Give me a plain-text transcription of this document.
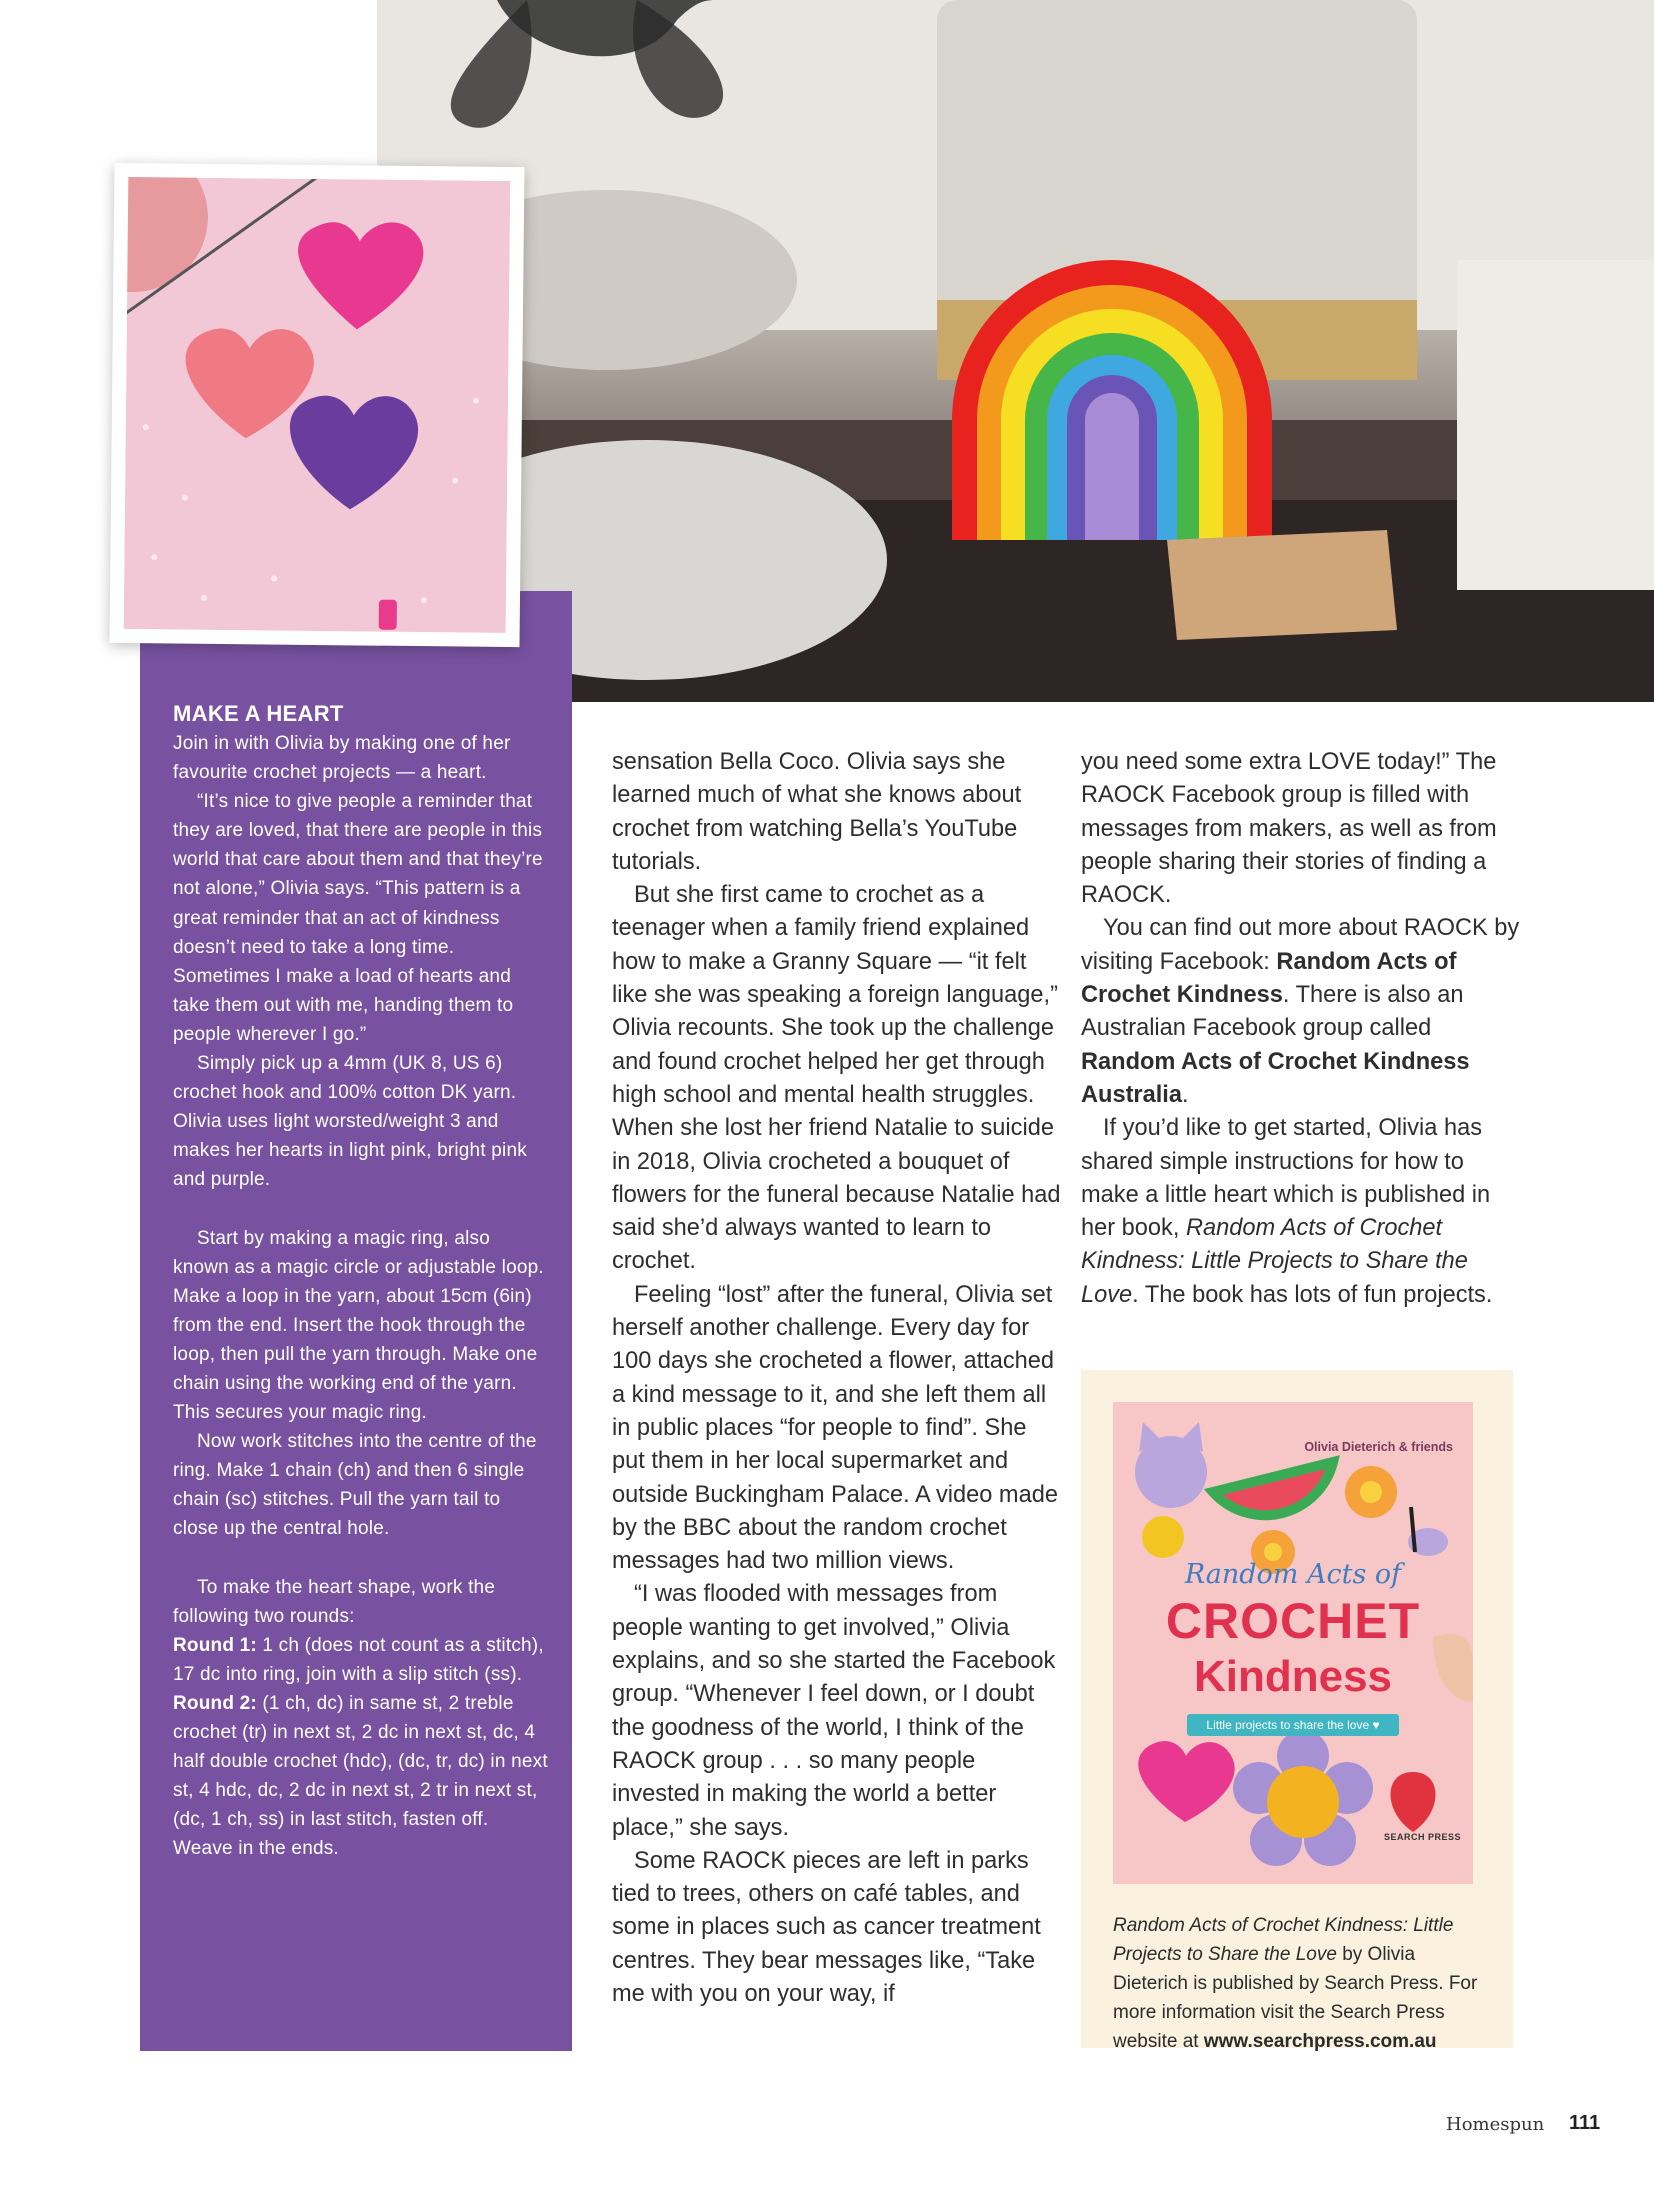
MAKE A HEART

Join in with Olivia by making one of her favourite crochet projects — a heart.

“It’s nice to give people a reminder that they are loved, that there are people in this world that care about them and that they’re not alone,” Olivia says. “This pattern is a great reminder that an act of kindness doesn’t need to take a long time. Sometimes I make a load of hearts and take them out with me, handing them to people wherever I go.”

Simply pick up a 4mm (UK 8, US 6) crochet hook and 100% cotton DK yarn. Olivia uses light worsted/weight 3 and makes her hearts in light pink, bright pink and purple.

Start by making a magic ring, also known as a magic circle or adjustable loop. Make a loop in the yarn, about 15cm (6in) from the end. Insert the hook through the loop, then pull the yarn through. Make one chain using the working end of the yarn. This secures your magic ring.

Now work stitches into the centre of the ring. Make 1 chain (ch) and then 6 single chain (sc) stitches. Pull the yarn tail to close up the central hole.

To make the heart shape, work the following two rounds:

Round 1: 1 ch (does not count as a stitch), 17 dc into ring, join with a slip stitch (ss).

Round 2: (1 ch, dc) in same st, 2 treble crochet (tr) in next st, 2 dc in next st, dc, 4 half double crochet (hdc), (dc, tr, dc) in next st, 4 hdc, dc, 2 dc in next st, 2 tr in next st, (dc, 1 ch, ss) in last stitch, fasten off.

Weave in the ends.

sensation Bella Coco. Olivia says she learned much of what she knows about crochet from watching Bella’s YouTube tutorials.

But she first came to crochet as a teenager when a family friend explained how to make a Granny Square — “it felt like she was speaking a foreign language,” Olivia recounts. She took up the challenge and found crochet helped her get through high school and mental health struggles. When she lost her friend Natalie to suicide in 2018, Olivia crocheted a bouquet of flowers for the funeral because Natalie had said she’d always wanted to learn to crochet.

Feeling “lost” after the funeral, Olivia set herself another challenge. Every day for 100 days she crocheted a flower, attached a kind message to it, and she left them all in public places “for people to find”. She put them in her local supermarket and outside Buckingham Palace. A video made by the BBC about the random crochet messages had two million views.

“I was flooded with messages from people wanting to get involved,” Olivia explains, and so she started the Facebook group. “Whenever I feel down, or I doubt the goodness of the world, I think of the RAOCK group . . . so many people invested in making the world a better place,” she says.

Some RAOCK pieces are left in parks tied to trees, others on café tables, and some in places such as cancer treatment centres. They bear messages like, “Take me with you on your way, if

you need some extra LOVE today!” The RAOCK Facebook group is filled with messages from makers, as well as from people sharing their stories of finding a RAOCK.

You can find out more about RAOCK by visiting Facebook: Random Acts of Crochet Kindness. There is also an Australian Facebook group called Random Acts of Crochet Kindness Australia.

If you’d like to get started, Olivia has shared simple instructions for how to make a little heart which is published in her book, Random Acts of Crochet Kindness: Little Projects to Share the Love. The book has lots of fun projects.

Olivia Dieterich & friends
Random Acts of
CROCHET
Kindness
Little projects to share the love ♥
SEARCH PRESS

Random Acts of Crochet Kindness: Little Projects to Share the Love by Olivia Dieterich is published by Search Press. For more information visit the Search Press website at www.searchpress.com.au

Homespun 111
